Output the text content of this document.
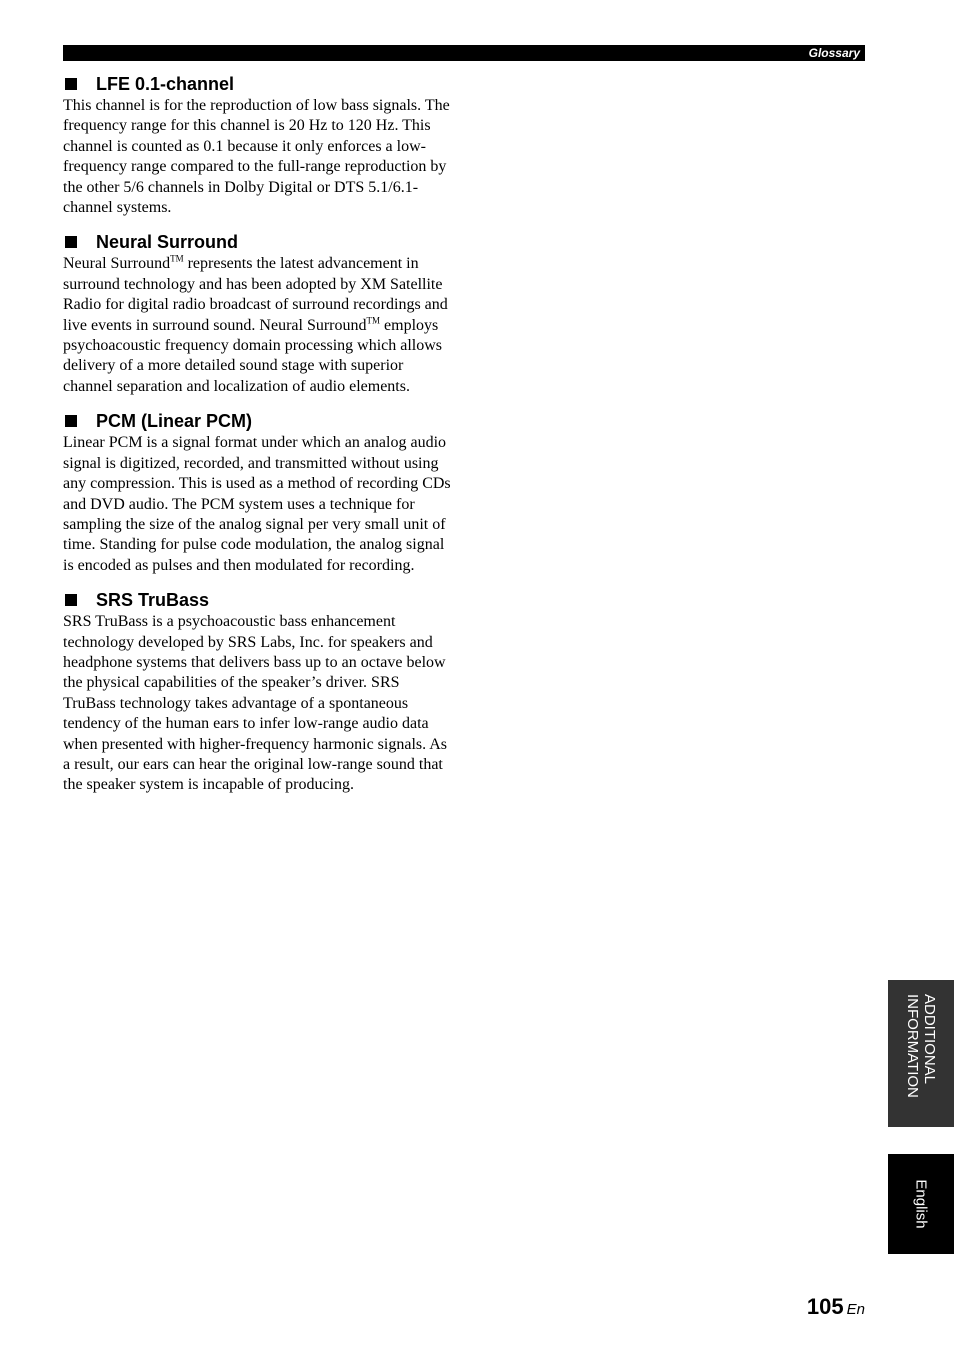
Glossary
LFE 0.1-channel

This channel is for the reproduction of low bass signals. The frequency range for this channel is 20 Hz to 120 Hz. This channel is counted as 0.1 because it only enforces a low-frequency range compared to the full-range reproduction by the other 5/6 channels in Dolby Digital or DTS 5.1/6.1-channel systems.

Neural Surround

Neural Surround™ represents the latest advancement in surround technology and has been adopted by XM Satellite Radio for digital radio broadcast of surround recordings and live events in surround sound. Neural Surround™ employs psychoacoustic frequency domain processing which allows delivery of a more detailed sound stage with superior channel separation and localization of audio elements.

PCM (Linear PCM)

Linear PCM is a signal format under which an analog audio signal is digitized, recorded, and transmitted without using any compression. This is used as a method of recording CDs and DVD audio. The PCM system uses a technique for sampling the size of the analog signal per very small unit of time. Standing for pulse code modulation, the analog signal is encoded as pulses and then modulated for recording.

SRS TruBass

SRS TruBass is a psychoacoustic bass enhancement technology developed by SRS Labs, Inc. for speakers and headphone systems that delivers bass up to an octave below the physical capabilities of the speaker’s driver. SRS TruBass technology takes advantage of a spontaneous tendency of the human ears to infer low-range audio data when presented with higher-frequency harmonic signals. As a result, our ears can hear the original low-range sound that the speaker system is incapable of producing.

ADDITIONAL
INFORMATION
English
105 En
